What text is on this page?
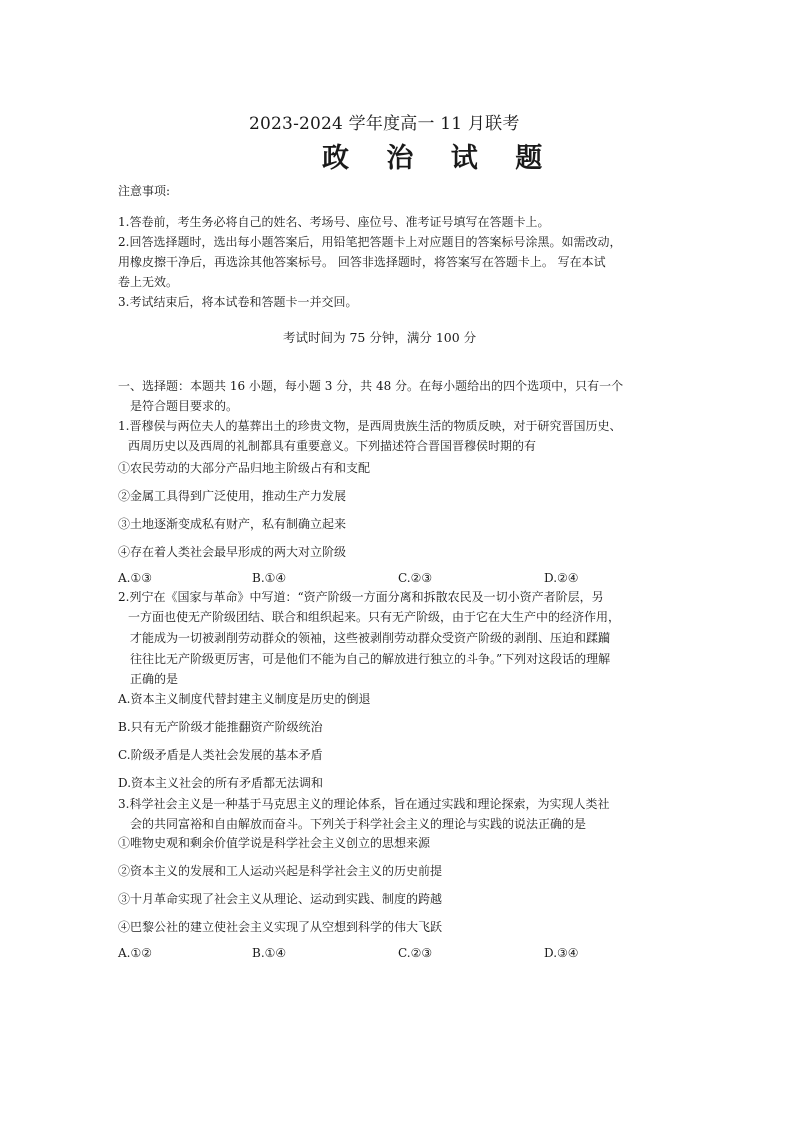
2023-2024 学年度高一 11 月联考
政 治 试 题
注意事项:
1.答卷前，考生务必将自己的姓名、考场号、座位号、准考证号填写在答题卡上。
2.回答选择题时，选出每小题答案后，用铅笔把答题卡上对应题目的答案标号涂黑。如需改动，
用橡皮擦干净后，再选涂其他答案标号。 回答非选择题时，将答案写在答题卡上。 写在本试
卷上无效。
3.考试结束后，将本试卷和答题卡一并交回。
考试时间为 75 分钟，满分 100 分
一、选择题：本题共 16 小题，每小题 3 分，共 48 分。在每小题给出的四个选项中，只有一个
是符合题目要求的。
1.晋穆侯与两位夫人的墓葬出土的珍贵文物，是西周贵族生活的物质反映，对于研究晋国历史、
西周历史以及西周的礼制都具有重要意义。下列描述符合晋国晋穆侯时期的有
①农民劳动的大部分产品归地主阶级占有和支配
②金属工具得到广泛使用，推动生产力发展
③土地逐渐变成私有财产，私有制确立起来
④存在着人类社会最早形成的两大对立阶级
A.①③	B.①④	C.②③	D.②④
2.列宁在《国家与革命》中写道：“资产阶级一方面分离和拆散农民及一切小资产者阶层，另
一方面也使无产阶级团结、联合和组织起来。只有无产阶级，由于它在大生产中的经济作用，
才能成为一切被剥削劳动群众的领袖，这些被剥削劳动群众受资产阶级的剥削、压迫和蹂躏
往往比无产阶级更厉害，可是他们不能为自己的解放进行独立的斗争。”下列对这段话的理解
正确的是
A.资本主义制度代替封建主义制度是历史的倒退
B.只有无产阶级才能推翻资产阶级统治
C.阶级矛盾是人类社会发展的基本矛盾
D.资本主义社会的所有矛盾都无法调和
3.科学社会主义是一种基于马克思主义的理论体系，旨在通过实践和理论探索，为实现人类社
会的共同富裕和自由解放而奋斗。下列关于科学社会主义的理论与实践的说法正确的是
①唯物史观和剩余价值学说是科学社会主义创立的思想来源
②资本主义的发展和工人运动兴起是科学社会主义的历史前提
③十月革命实现了社会主义从理论、运动到实践、制度的跨越
④巴黎公社的建立使社会主义实现了从空想到科学的伟大飞跃
A.①②	B.①④	C.②③	D.③④
